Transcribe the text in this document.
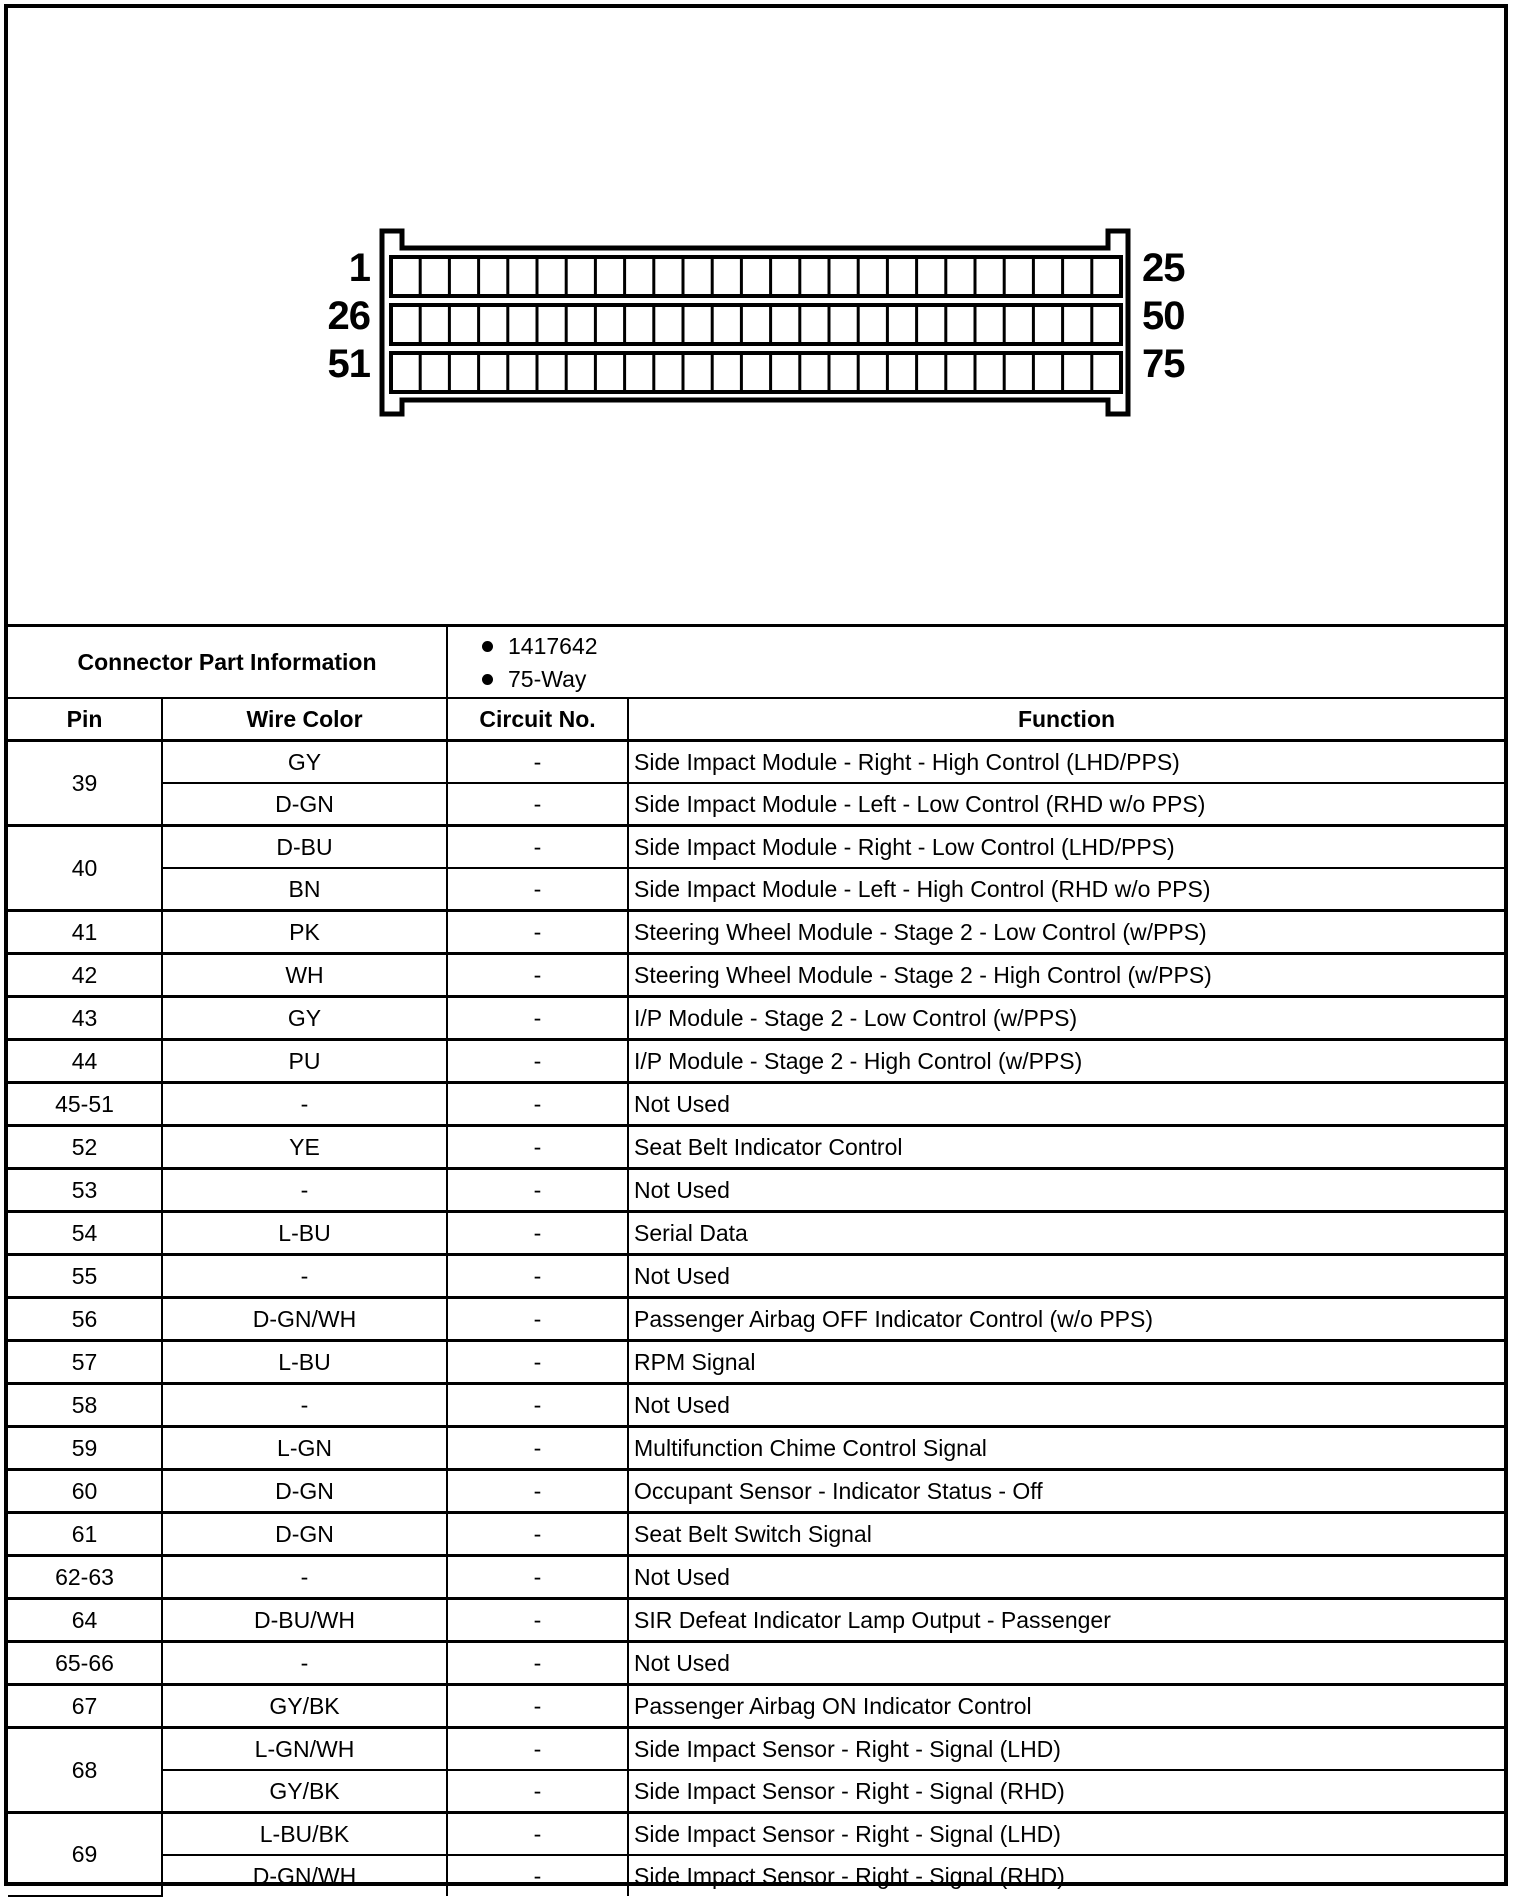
1
26
51
25
50
75
Connector Part Information	
1417642
75-Way

Pin	Wire Color	Circuit No.	Function
39	GY	-	Side Impact Module - Right - High Control (LHD/PPS)
	D-GN	-	Side Impact Module - Left - Low Control (RHD w/o PPS)
40	D-BU	-	Side Impact Module - Right - Low Control (LHD/PPS)
	BN	-	Side Impact Module - Left - High Control (RHD w/o PPS)
41	PK	-	Steering Wheel Module - Stage 2 - Low Control (w/PPS)
42	WH	-	Steering Wheel Module - Stage 2 - High Control (w/PPS)
43	GY	-	I/P Module - Stage 2 - Low Control (w/PPS)
44	PU	-	I/P Module - Stage 2 - High Control (w/PPS)
45-51	-	-	Not Used
52	YE	-	Seat Belt Indicator Control
53	-	-	Not Used
54	L-BU	-	Serial Data
55	-	-	Not Used
56	D-GN/WH	-	Passenger Airbag OFF Indicator Control (w/o PPS)
57	L-BU	-	RPM Signal
58	-	-	Not Used
59	L-GN	-	Multifunction Chime Control Signal
60	D-GN	-	Occupant Sensor - Indicator Status - Off
61	D-GN	-	Seat Belt Switch Signal
62-63	-	-	Not Used
64	D-BU/WH	-	SIR Defeat Indicator Lamp Output - Passenger
65-66	-	-	Not Used
67	GY/BK	-	Passenger Airbag ON Indicator Control
68	L-GN/WH	-	Side Impact Sensor - Right - Signal (LHD)
	GY/BK	-	Side Impact Sensor - Right - Signal (RHD)
69	L-BU/BK	-	Side Impact Sensor - Right - Signal (LHD)
	D-GN/WH	-	Side Impact Sensor - Right - Signal (RHD)
